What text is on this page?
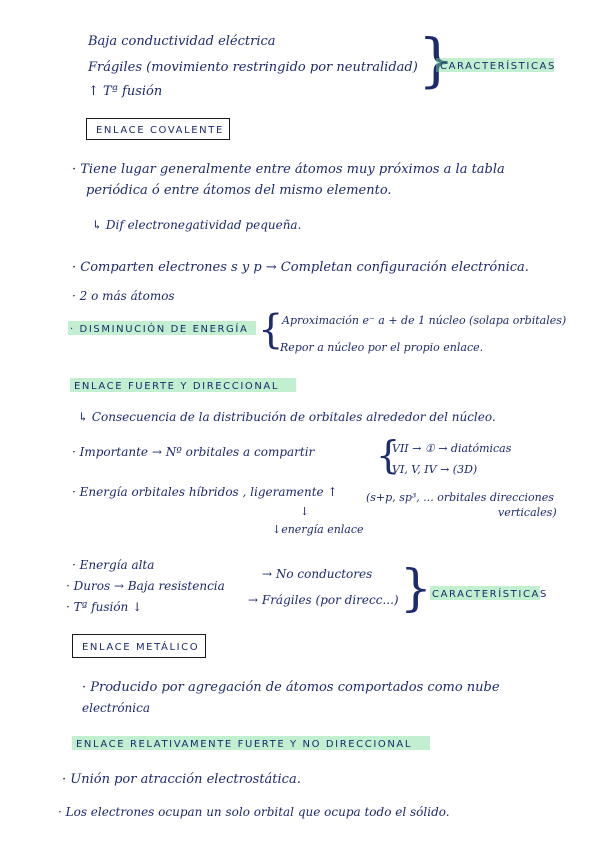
Baja conductividad eléctrica
Frágiles (movimiento restringido por neutralidad)
↑ Tª fusión	}
CARACTERÍSTICAS
ENLACE COVALENTE
· Tiene lugar generalmente entre átomos muy próximos a la tabla
periódica ó entre átomos del mismo elemento.
↳ Dif electronegatividad pequeña.
· Comparten electrones s y p → Completan configuración electrónica.
· 2 o más átomos
· DISMINUCIÓN DE ENERGÍA {
Aproximación e⁻ a + de 1 núcleo (solapa orbitales)
Repor a núcleo por el propio enlace.
ENLACE FUERTE Y DIRECCIONAL
↳ Consecuencia de la distribución de orbitales alrededor del núcleo.
· Importante → Nº orbitales a compartir {
VII → ① → diatómicas
VI, V, IV → (3D)
· Energía orbitales híbridos , ligeramente ↑	(s+p, sp³, ... orbitales direcciones
verticales)
↓
↓energía enlace
· Energía alta
· Duros → Baja resistencia
· Tª fusión ↓
→ No conductores
→ Frágiles (por direcc...) } CARACTERÍSTICAS
ENLACE METÁLICO
· Producido por agregación de átomos comportados como nube
electrónica
ENLACE RELATIVAMENTE FUERTE Y NO DIRECCIONAL
· Unión por atracción electrostática.
· Los electrones ocupan un solo orbital que ocupa todo el sólido.
